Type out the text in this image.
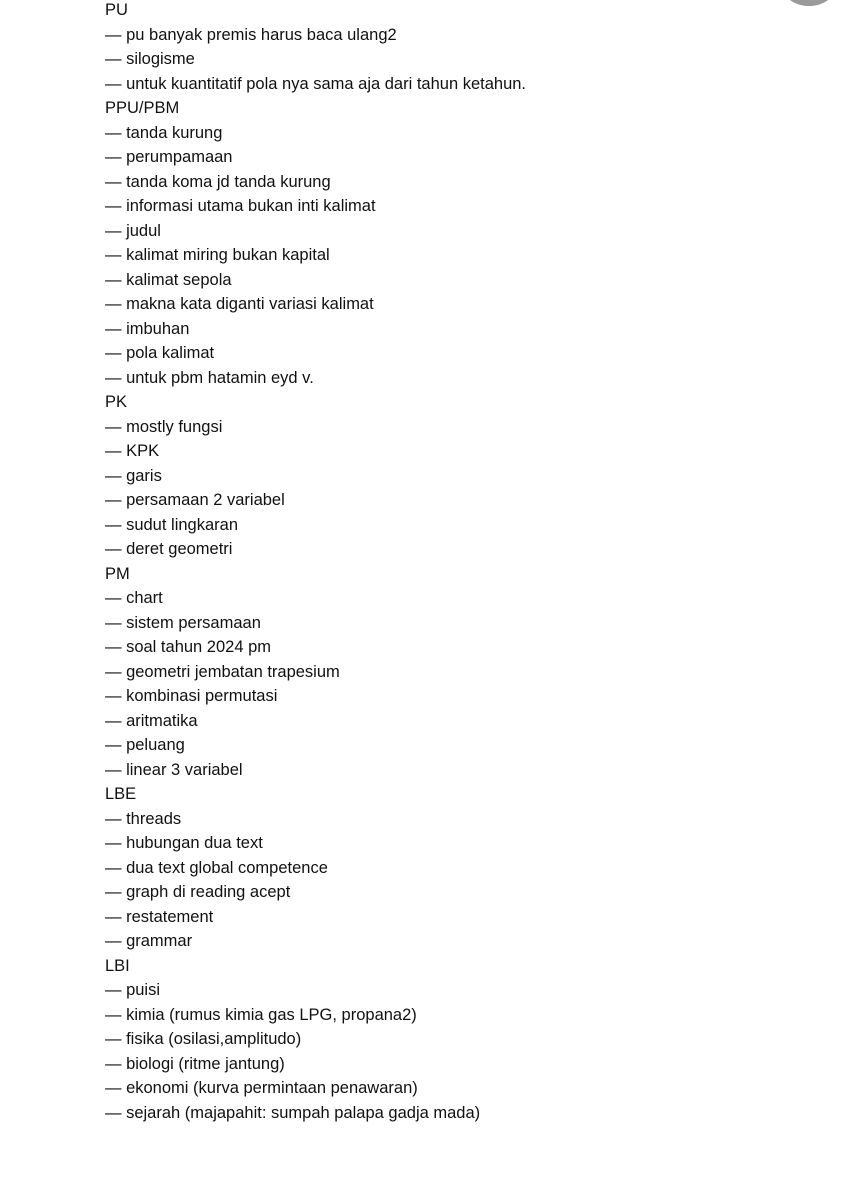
PU
— pu banyak premis harus baca ulang2
— silogisme
— untuk kuantitatif pola nya sama aja dari tahun ketahun.
PPU/PBM
— tanda kurung
— perumpamaan
— tanda koma jd tanda kurung
— informasi utama bukan inti kalimat
— judul
— kalimat miring bukan kapital
— kalimat sepola
— makna kata diganti variasi kalimat
— imbuhan
— pola kalimat
— untuk pbm hatamin eyd v.
PK
— mostly fungsi
— KPK
— garis
— persamaan 2 variabel
— sudut lingkaran
— deret geometri
PM
— chart
— sistem persamaan
— soal tahun 2024 pm
— geometri jembatan trapesium
— kombinasi permutasi
— aritmatika
— peluang
— linear 3 variabel
LBE
— threads
— hubungan dua text
— dua text global competence
— graph di reading acept
— restatement
— grammar
LBI
— puisi
— kimia (rumus kimia gas LPG, propana2)
— fisika (osilasi,amplitudo)
— biologi (ritme jantung)
— ekonomi (kurva permintaan penawaran)
— sejarah (majapahit: sumpah palapa gadja mada)
